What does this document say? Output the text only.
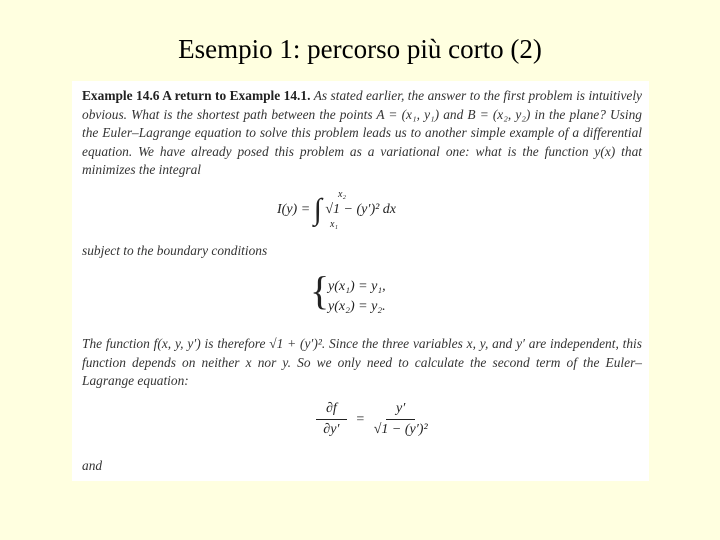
Esempio 1: percorso più corto (2)

Example 14.6 A return to Example 14.1. As stated earlier, the answer to the first problem is intuitively obvious. What is the shortest path between the points A = (x₁, y₁) and B = (x₂, y₂) in the plane? Using the Euler–Lagrange equation to solve this problem leads us to another simple example of a differential equation. We have already posed this problem as a variational one: what is the function y(x) that minimizes the integral

I(y) = ∫ √1 − (y′)² dx
x₂
x₁

subject to the boundary conditions

{
y(x₁) = y₁,
y(x₂) = y₂.

The function f(x, y, y′) is therefore √1 + (y′)². Since the three variables x, y, and y′ are independent, this function depends on neither x nor y. So we only need to calculate the second term of the Euler–Lagrange equation:

$\frac{\partial f}{\partial y'} = \frac{y'}{\text{√1 − (y′)²}}$

and
